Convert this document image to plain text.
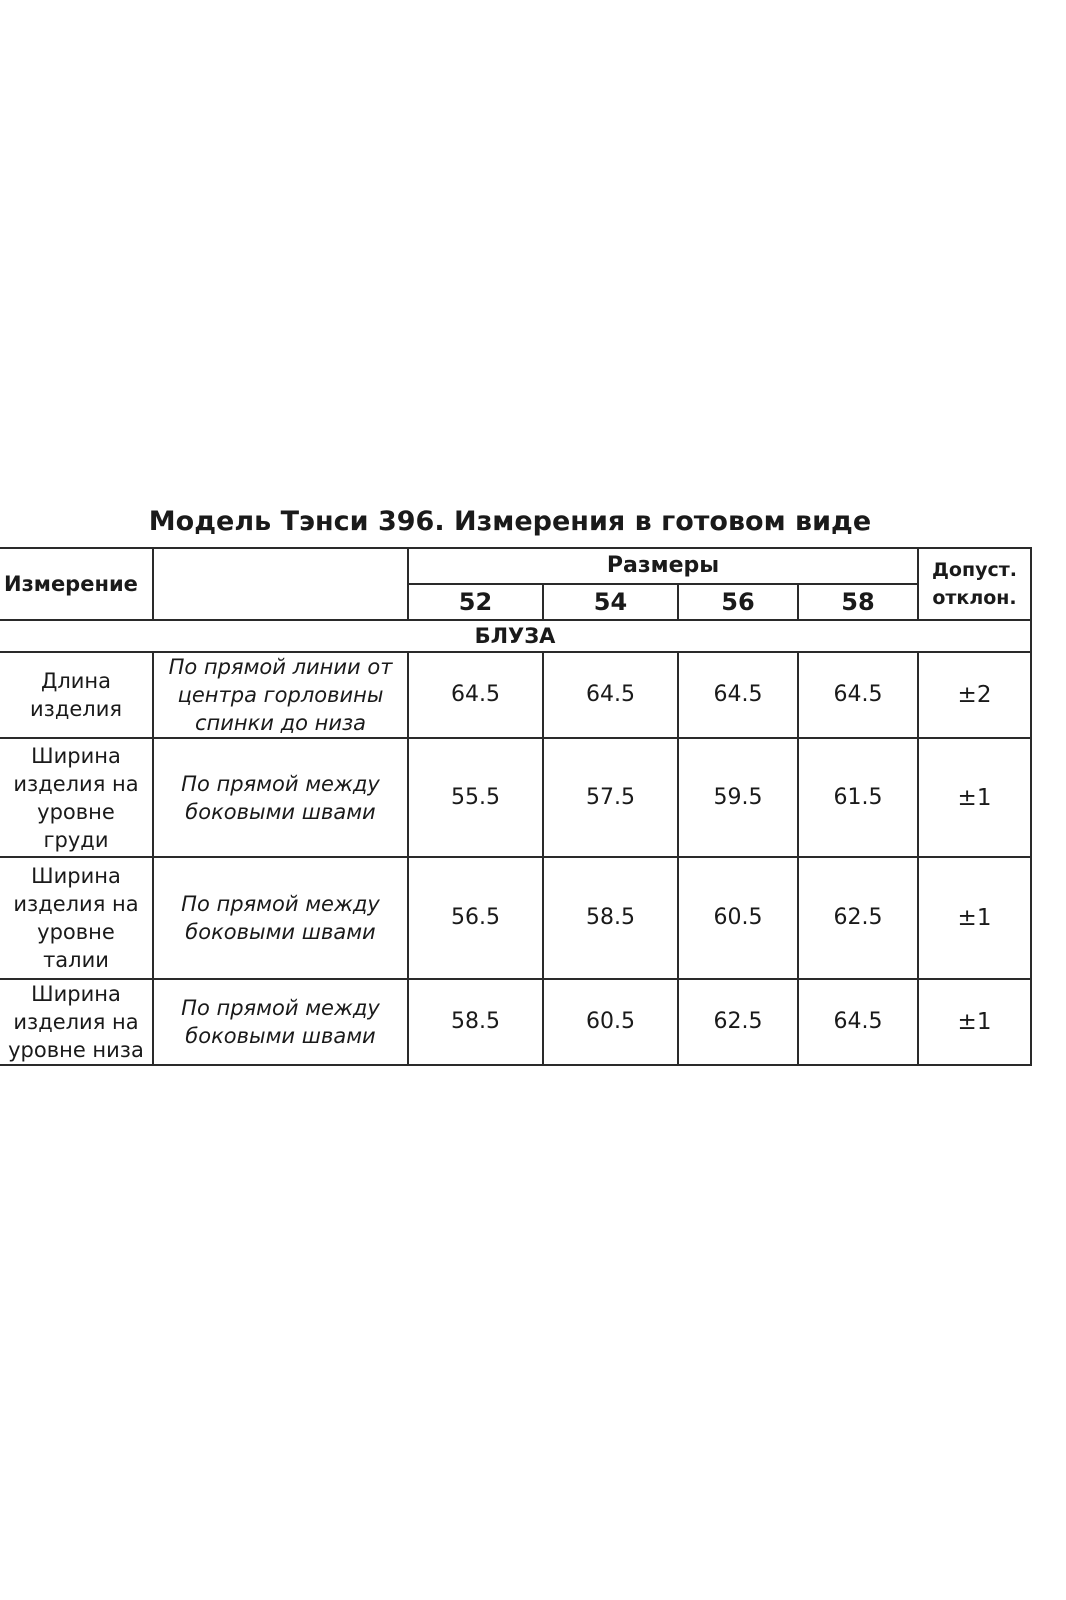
Модель Тэнси 396. Измерения в готовом виде
Измерение		Размеры				Допуст.
отклон.

		52	54	56	58	
БЛУЗА						
Длина изделия	По прямой линии от центра горловины спинки до низа	64.5	64.5	64.5	64.5	±2
Ширина изделия на уровне груди	По прямой между боковыми швами	55.5	57.5	59.5	61.5	±1
Ширина изделия на уровне талии	По прямой между боковыми швами	56.5	58.5	60.5	62.5	±1
Ширина изделия на уровне низа	По прямой между боковыми швами	58.5	60.5	62.5	64.5	±1
